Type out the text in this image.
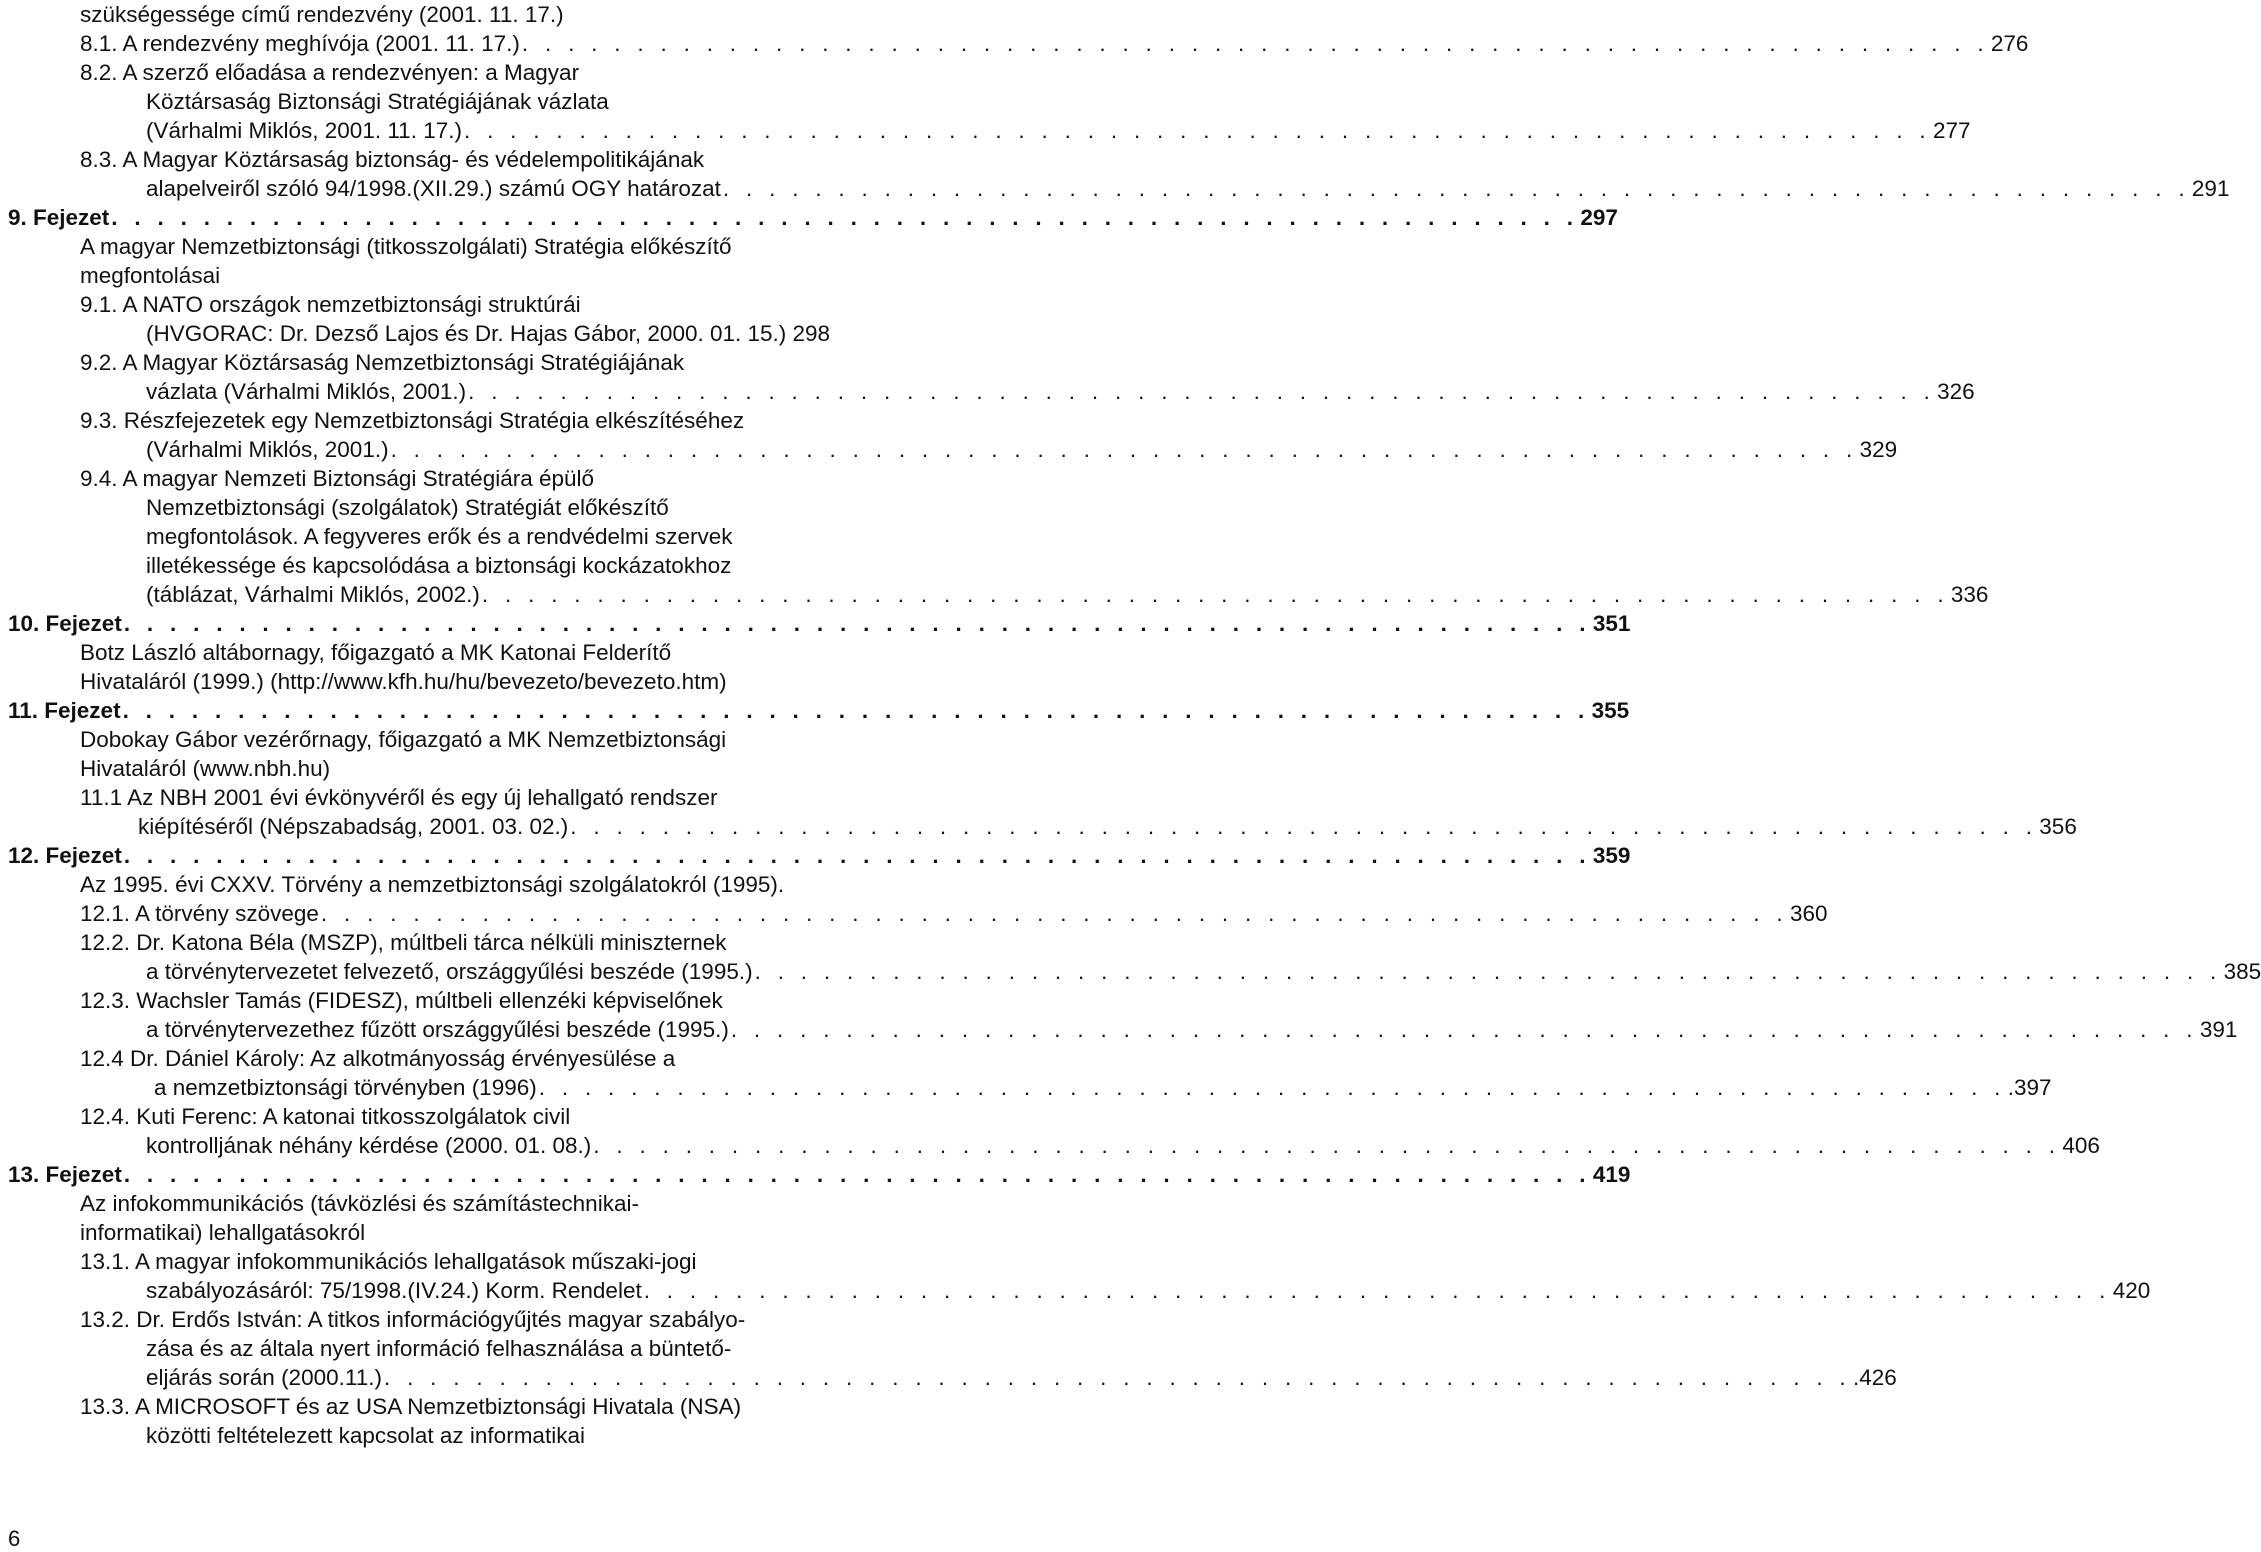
szükségessége című rendezvény (2001. 11. 17.)
8.1. A rendezvény meghívója (2001. 11. 17.) . . . . . . . . . . . . . . . . . . . . . . . . . . . . . . . . . . . . . . . . . . . . . . . . . . . . . . . . . . . . . . . . 276
8.2. A szerző előadása a rendezvényen: a Magyar
Köztársaság Biztonsági Stratégiájának vázlata
(Várhalmi Miklós, 2001. 11. 17.) . . . . . . . . . . . . . . . . . . . . . . . . . . . . . . . . . . . . . . . . . . . . . . . . . . . . . . . . . . . . . . . . 277
8.3. A Magyar Köztársaság biztonság- és védelempolitikájának
alapelveiről szóló 94/1998.(XII.29.) számú OGY határozat . . . . . . . . . . . . . . . . . . . . . . . . . . . . . . . . . . . . . . . . . . . . . . . . . . . . . . . . . . . . . . . . 291
9. Fejezet . . . . . . . . . . . . . . . . . . . . . . . . . . . . . . . . . . . . . . . . . . . . . . . . . . . . . . . . . . . . . . . . 297
A magyar Nemzetbiztonsági (titkosszolgálati) Stratégia előkészítő
megfontolásai
9.1. A NATO országok nemzetbiztonsági struktúrái
(HVGORAC: Dr. Dezső Lajos és Dr. Hajas Gábor, 2000. 01. 15.) 298
9.2. A Magyar Köztársaság Nemzetbiztonsági Stratégiájának
vázlata (Várhalmi Miklós, 2001.) . . . . . . . . . . . . . . . . . . . . . . . . . . . . . . . . . . . . . . . . . . . . . . . . . . . . . . . . . . . . . . . . 326
9.3. Részfejezetek egy Nemzetbiztonsági Stratégia elkészítéséhez
(Várhalmi Miklós, 2001.) . . . . . . . . . . . . . . . . . . . . . . . . . . . . . . . . . . . . . . . . . . . . . . . . . . . . . . . . . . . . . . . . 329
9.4. A magyar Nemzeti Biztonsági Stratégiára épülő
Nemzetbiztonsági (szolgálatok) Stratégiát előkészítő
megfontolások. A fegyveres erők és a rendvédelmi szervek
illetékessége és kapcsolódása a biztonsági kockázatokhoz
(táblázat, Várhalmi Miklós, 2002.) . . . . . . . . . . . . . . . . . . . . . . . . . . . . . . . . . . . . . . . . . . . . . . . . . . . . . . . . . . . . . . . . 336
10. Fejezet . . . . . . . . . . . . . . . . . . . . . . . . . . . . . . . . . . . . . . . . . . . . . . . . . . . . . . . . . . . . . . . . 351
Botz László altábornagy, főigazgató a MK Katonai Felderítő
Hivataláról (1999.) (http://www.kfh.hu/hu/bevezeto/bevezeto.htm)
11. Fejezet . . . . . . . . . . . . . . . . . . . . . . . . . . . . . . . . . . . . . . . . . . . . . . . . . . . . . . . . . . . . . . . . 355
Dobokay Gábor vezérőrnagy, főigazgató a MK Nemzetbiztonsági
Hivataláról (www.nbh.hu)
11.1 Az NBH 2001 évi évkönyvéről és egy új lehallgató rendszer
kiépítéséről (Népszabadság, 2001. 03. 02.) . . . . . . . . . . . . . . . . . . . . . . . . . . . . . . . . . . . . . . . . . . . . . . . . . . . . . . . . . . . . . . . . 356
12. Fejezet . . . . . . . . . . . . . . . . . . . . . . . . . . . . . . . . . . . . . . . . . . . . . . . . . . . . . . . . . . . . . . . . 359
Az 1995. évi CXXV. Törvény a nemzetbiztonsági szolgálatokról (1995).
12.1. A törvény szövege . . . . . . . . . . . . . . . . . . . . . . . . . . . . . . . . . . . . . . . . . . . . . . . . . . . . . . . . . . . . . . . . 360
12.2. Dr. Katona Béla (MSZP), múltbeli tárca nélküli miniszternek
a törvénytervezetet felvezető, országgyűlési beszéde (1995.) . . . . . . . . . . . . . . . . . . . . . . . . . . . . . . . . . . . . . . . . . . . . . . . . . . . . . . . . . . . . . . . . 385
12.3. Wachsler Tamás (FIDESZ), múltbeli ellenzéki képviselőnek
a törvénytervezethez fűzött országgyűlési beszéde (1995.) . . . . . . . . . . . . . . . . . . . . . . . . . . . . . . . . . . . . . . . . . . . . . . . . . . . . . . . . . . . . . . . . 391
12.4 Dr. Dániel Károly: Az alkotmányosság érvényesülése a
a nemzetbiztonsági törvényben (1996) . . . . . . . . . . . . . . . . . . . . . . . . . . . . . . . . . . . . . . . . . . . . . . . . . . . . . . . . . . . . . . . . .397
12.4. Kuti Ferenc: A katonai titkosszolgálatok civil
kontrolljának néhány kérdése (2000. 01. 08.) . . . . . . . . . . . . . . . . . . . . . . . . . . . . . . . . . . . . . . . . . . . . . . . . . . . . . . . . . . . . . . . . 406
13. Fejezet . . . . . . . . . . . . . . . . . . . . . . . . . . . . . . . . . . . . . . . . . . . . . . . . . . . . . . . . . . . . . . . . 419
Az infokommunikációs (távközlési és számítástechnikai-
informatikai) lehallgatásokról
13.1. A magyar infokommunikációs lehallgatások műszaki-jogi
szabályozásáról: 75/1998.(IV.24.) Korm. Rendelet . . . . . . . . . . . . . . . . . . . . . . . . . . . . . . . . . . . . . . . . . . . . . . . . . . . . . . . . . . . . . . . . 420
13.2. Dr. Erdős István: A titkos információgyűjtés magyar szabályo-
zása és az általa nyert információ felhasználása a büntető-
eljárás során (2000.11.) . . . . . . . . . . . . . . . . . . . . . . . . . . . . . . . . . . . . . . . . . . . . . . . . . . . . . . . . . . . . . . . . .426
13.3. A MICROSOFT és az USA Nemzetbiztonsági Hivatala (NSA)
közötti feltételezett kapcsolat az informatikai
6
